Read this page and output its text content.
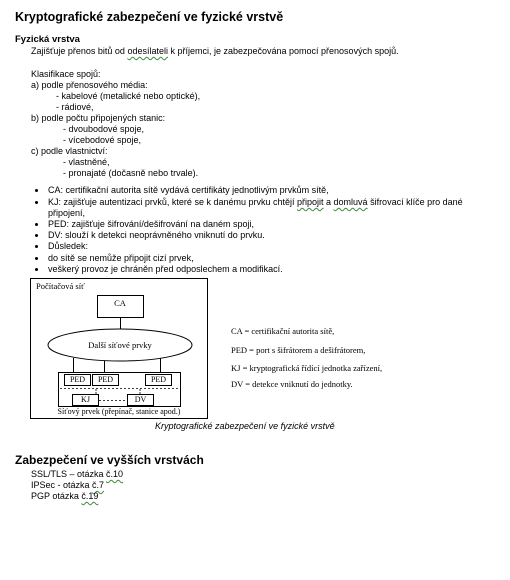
Kryptografické zabezpečení ve fyzické vrstvě
Fyzická vrstva
Zajišťuje přenos bitů od odesílateli k příjemci, je zabezpečována pomocí přenosových spojů.
Klasifikace spojů:
a) podle přenosového média:
- kabelové (metalické nebo optické),
- rádiové,
b) podle počtu připojených stanic:
- dvoubodové spoje,
- vícebodové spoje,
c) podle vlastnictví:
- vlastněné,
- pronajaté (dočasně nebo trvale).
CA: certifikační autorita sítě vydává certifikáty jednotlivým prvkům sítě,
KJ: zajišťuje autentizaci prvků, které se k danému prvku chtějí připojit a domluvá šifrovací klíče pro dané
připojení,
PED: zajišťuje šifrování/dešifrování na daném spoji,
DV: slouží k detekci neoprávněného vniknutí do prvku.
Důsledek:
do sítě se nemůže připojit cizí prvek,
veškerý provoz je chráněn před odposlechem a modifikací.
Počítačová síť
CA
Další síťové prvky
PED	PED	PED
KJ	DV
Síťový prvek (přepínač, stanice apod.)
CA = certifikační autorita sítě,
PED = port s šifrátorem a dešifrátorem,
KJ = kryptografická řídící jednotka zařízení,
DV = detekce vniknutí do jednotky.
Kryptografické zabezpečení ve fyzické vrstvě
Zabezpečení ve vyšších vrstvách
SSL/TLS – otázka č.10
IPSec - otázka č.7
PGP otázka č.19
